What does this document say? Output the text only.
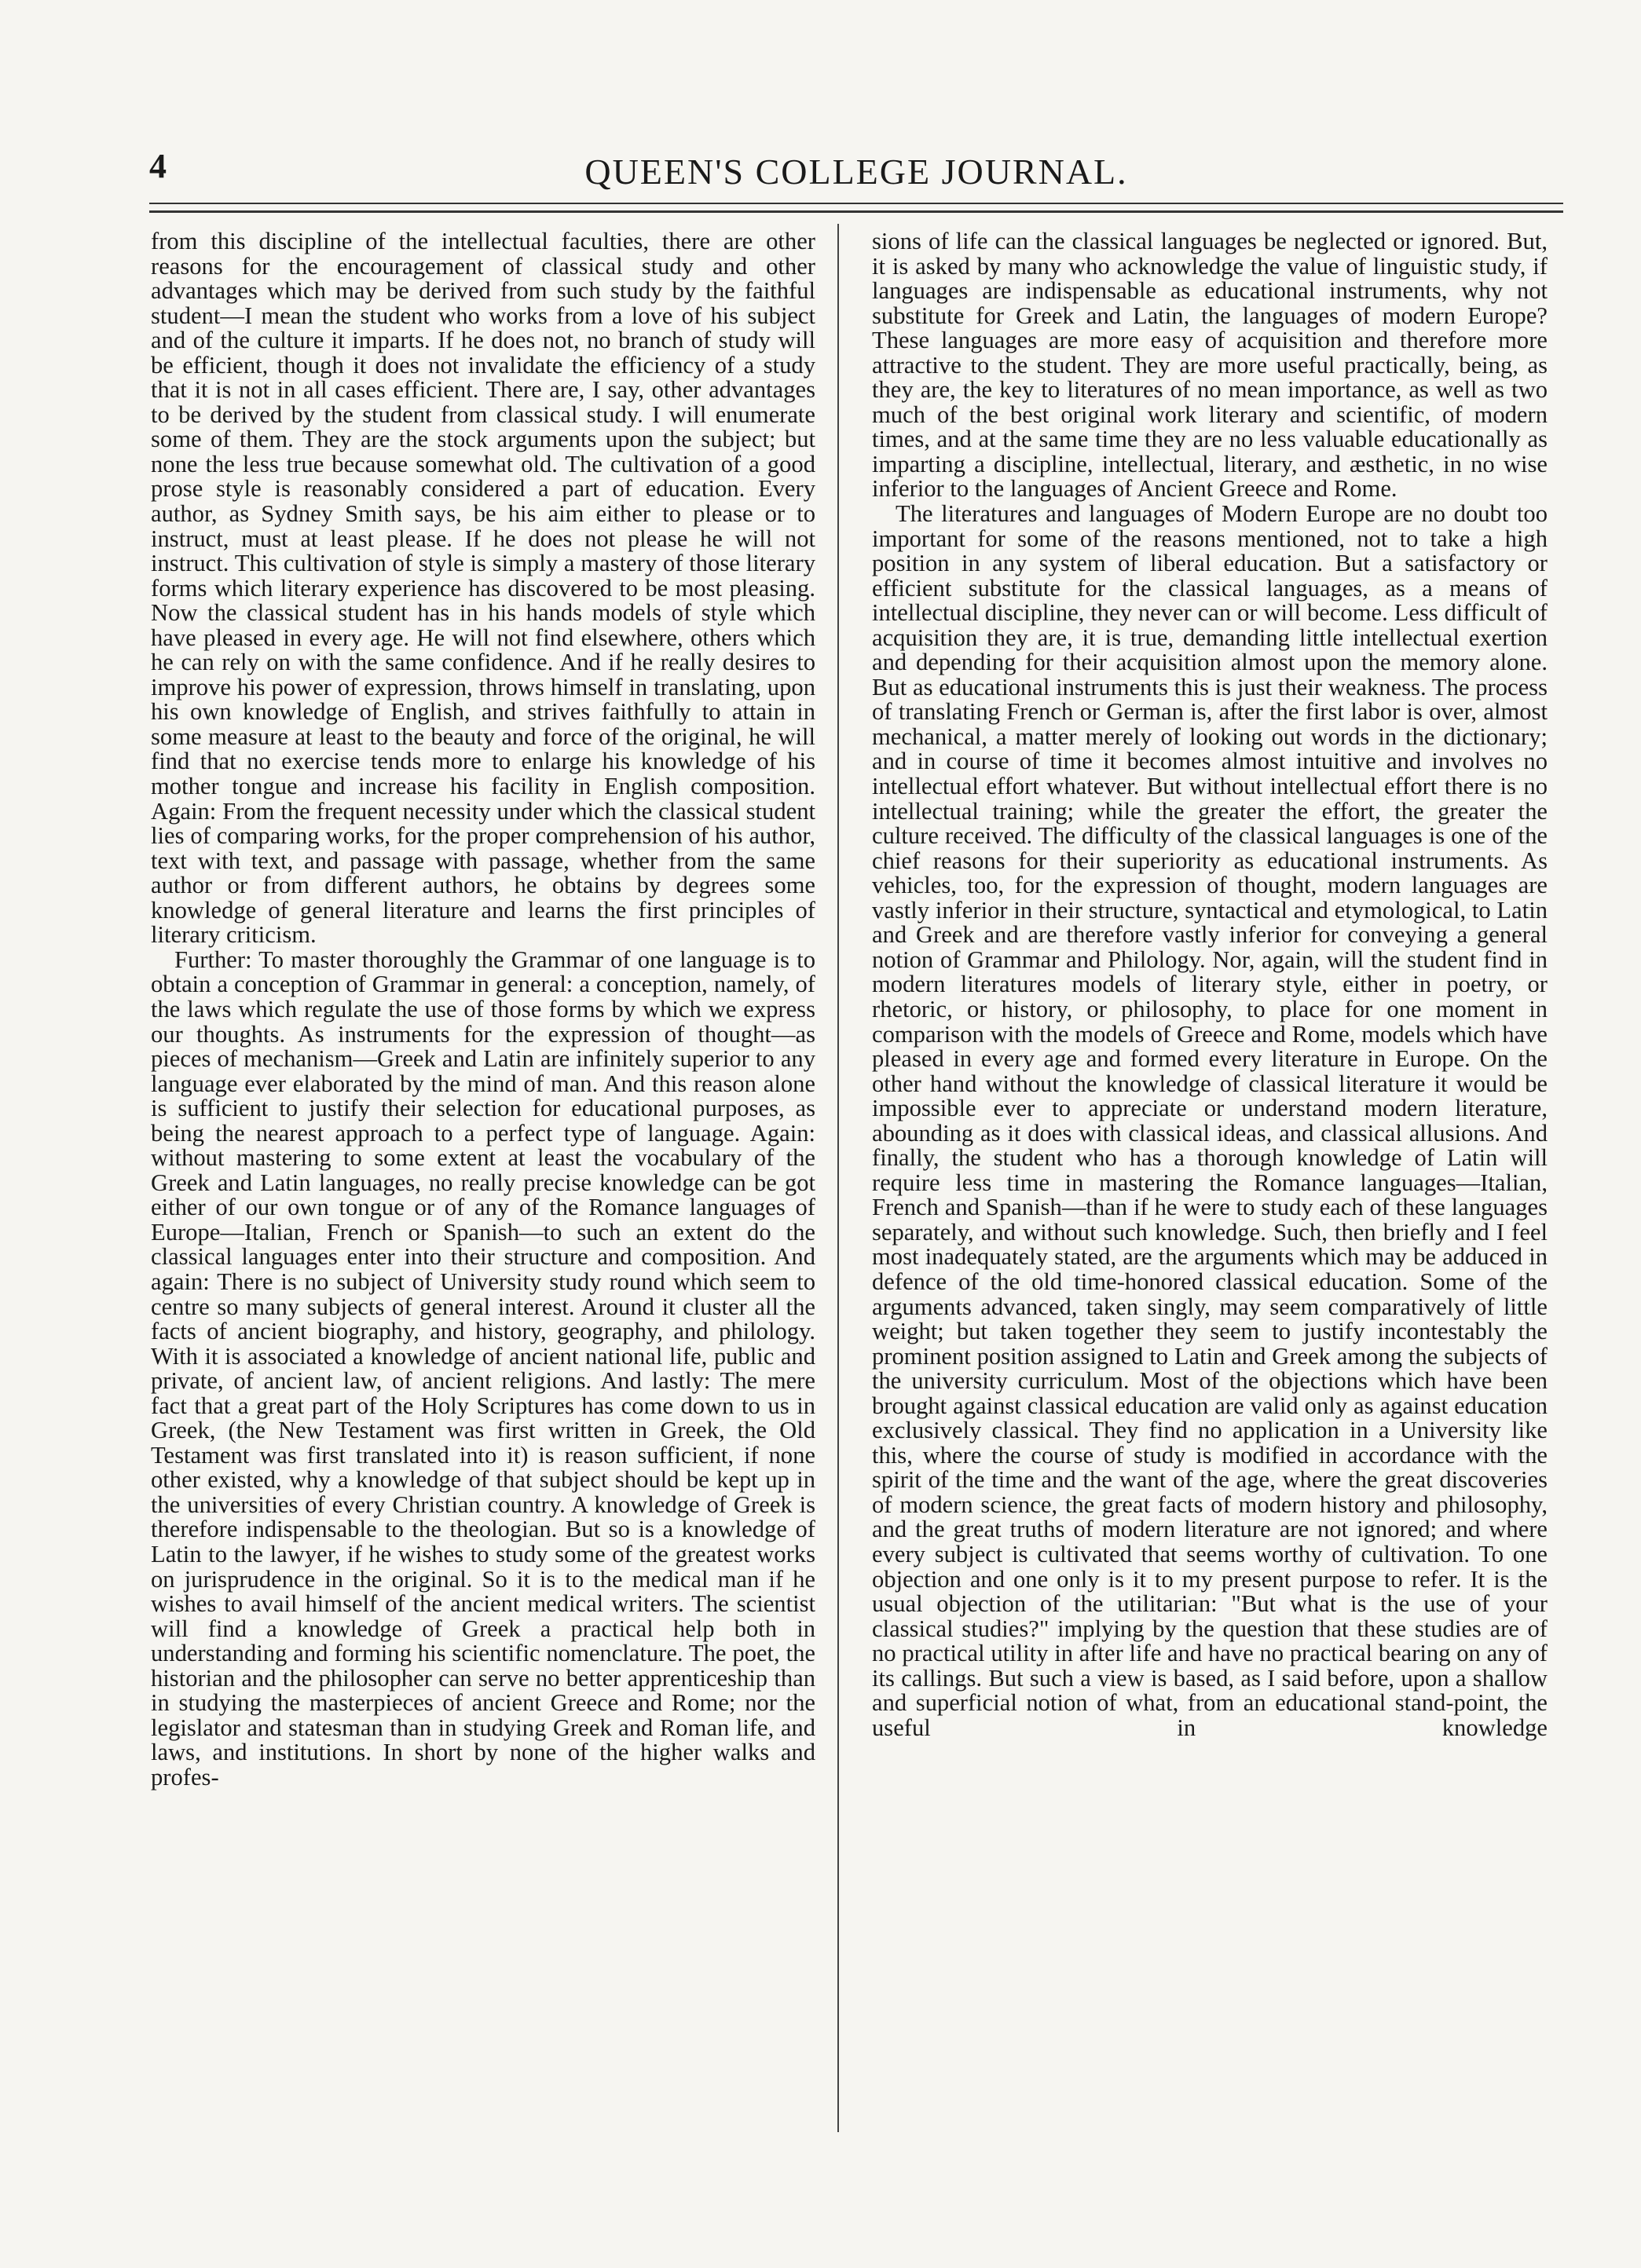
4	QUEEN'S COLLEGE JOURNAL.

from this discipline of the intellectual faculties, there are other reasons for the encouragement of classical study and other advantages which may be derived from such study by the faithful student—I mean the student who works from a love of his subject and of the culture it imparts. If he does not, no branch of study will be efficient, though it does not invalidate the efficiency of a study that it is not in all cases efficient. There are, I say, other advantages to be derived by the student from classical study. I will enumerate some of them. They are the stock arguments upon the subject; but none the less true because somewhat old. The cultivation of a good prose style is reasonably considered a part of education. Every author, as Sydney Smith says, be his aim either to please or to instruct, must at least please. If he does not please he will not instruct. This cultivation of style is simply a mastery of those literary forms which literary experience has discovered to be most pleasing. Now the classical student has in his hands models of style which have pleased in every age. He will not find elsewhere, others which he can rely on with the same confidence. And if he really desires to improve his power of expression, throws himself in translating, upon his own knowledge of English, and strives faithfully to attain in some measure at least to the beauty and force of the original, he will find that no exercise tends more to enlarge his knowledge of his mother tongue and increase his facility in English composition. Again: From the frequent necessity under which the classical student lies of comparing works, for the proper comprehension of his author, text with text, and passage with passage, whether from the same author or from different authors, he obtains by degrees some knowledge of general literature and learns the first principles of literary criticism.

Further: To master thoroughly the Grammar of one language is to obtain a conception of Grammar in general: a conception, namely, of the laws which regulate the use of those forms by which we express our thoughts. As instruments for the expression of thought—as pieces of mechanism—Greek and Latin are infinitely superior to any language ever elaborated by the mind of man. And this reason alone is sufficient to justify their selection for educational purposes, as being the nearest approach to a perfect type of language. Again: without mastering to some extent at least the vocabulary of the Greek and Latin languages, no really precise knowledge can be got either of our own tongue or of any of the Romance languages of Europe—Italian, French or Spanish—to such an extent do the classical languages enter into their structure and composition. And again: There is no subject of University study round which seem to centre so many subjects of general interest. Around it cluster all the facts of ancient biography, and history, geography, and philology. With it is associated a knowledge of ancient national life, public and private, of ancient law, of ancient religions. And lastly: The mere fact that a great part of the Holy Scriptures has come down to us in Greek, (the New Testament was first written in Greek, the Old Testament was first translated into it) is reason sufficient, if none other existed, why a knowledge of that subject should be kept up in the universities of every Christian country. A knowledge of Greek is therefore indispensable to the theologian. But so is a knowledge of Latin to the lawyer, if he wishes to study some of the greatest works on jurisprudence in the original. So it is to the medical man if he wishes to avail himself of the ancient medical writers. The scientist will find a knowledge of Greek a practical help both in understanding and forming his scientific nomenclature. The poet, the historian and the philosopher can serve no better apprenticeship than in studying the masterpieces of ancient Greece and Rome; nor the legislator and statesman than in studying Greek and Roman life, and laws, and institutions. In short by none of the higher walks and profes-

sions of life can the classical languages be neglected or ignored. But, it is asked by many who acknowledge the value of linguistic study, if languages are indispensable as educational instruments, why not substitute for Greek and Latin, the languages of modern Europe? These languages are more easy of acquisition and therefore more attractive to the student. They are more useful practically, being, as they are, the key to literatures of no mean importance, as well as two much of the best original work literary and scientific, of modern times, and at the same time they are no less valuable educationally as imparting a discipline, intellectual, literary, and æsthetic, in no wise inferior to the languages of Ancient Greece and Rome.

The literatures and languages of Modern Europe are no doubt too important for some of the reasons mentioned, not to take a high position in any system of liberal education. But a satisfactory or efficient substitute for the classical languages, as a means of intellectual discipline, they never can or will become. Less difficult of acquisition they are, it is true, demanding little intellectual exertion and depending for their acquisition almost upon the memory alone. But as educational instruments this is just their weakness. The process of translating French or German is, after the first labor is over, almost mechanical, a matter merely of looking out words in the dictionary; and in course of time it becomes almost intuitive and involves no intellectual effort whatever. But without intellectual effort there is no intellectual training; while the greater the effort, the greater the culture received. The difficulty of the classical languages is one of the chief reasons for their superiority as educational instruments. As vehicles, too, for the expression of thought, modern languages are vastly inferior in their structure, syntactical and etymological, to Latin and Greek and are therefore vastly inferior for conveying a general notion of Grammar and Philology. Nor, again, will the student find in modern literatures models of literary style, either in poetry, or rhetoric, or history, or philosophy, to place for one moment in comparison with the models of Greece and Rome, models which have pleased in every age and formed every literature in Europe. On the other hand without the knowledge of classical literature it would be impossible ever to appreciate or understand modern literature, abounding as it does with classical ideas, and classical allusions. And finally, the student who has a thorough knowledge of Latin will require less time in mastering the Romance languages—Italian, French and Spanish—than if he were to study each of these languages separately, and without such knowledge. Such, then briefly and I feel most inadequately stated, are the arguments which may be adduced in defence of the old time-honored classical education. Some of the arguments advanced, taken singly, may seem comparatively of little weight; but taken together they seem to justify incontestably the prominent position assigned to Latin and Greek among the subjects of the university curriculum. Most of the objections which have been brought against classical education are valid only as against education exclusively classical. They find no application in a University like this, where the course of study is modified in accordance with the spirit of the time and the want of the age, where the great discoveries of modern science, the great facts of modern history and philosophy, and the great truths of modern literature are not ignored; and where every subject is cultivated that seems worthy of cultivation. To one objection and one only is it to my present purpose to refer. It is the usual objection of the utilitarian: "But what is the use of your classical studies?" implying by the question that these studies are of no practical utility in after life and have no practical bearing on any of its callings. But such a view is based, as I said before, upon a shallow and superficial notion of what, from an educational stand-point, the useful in knowledge
